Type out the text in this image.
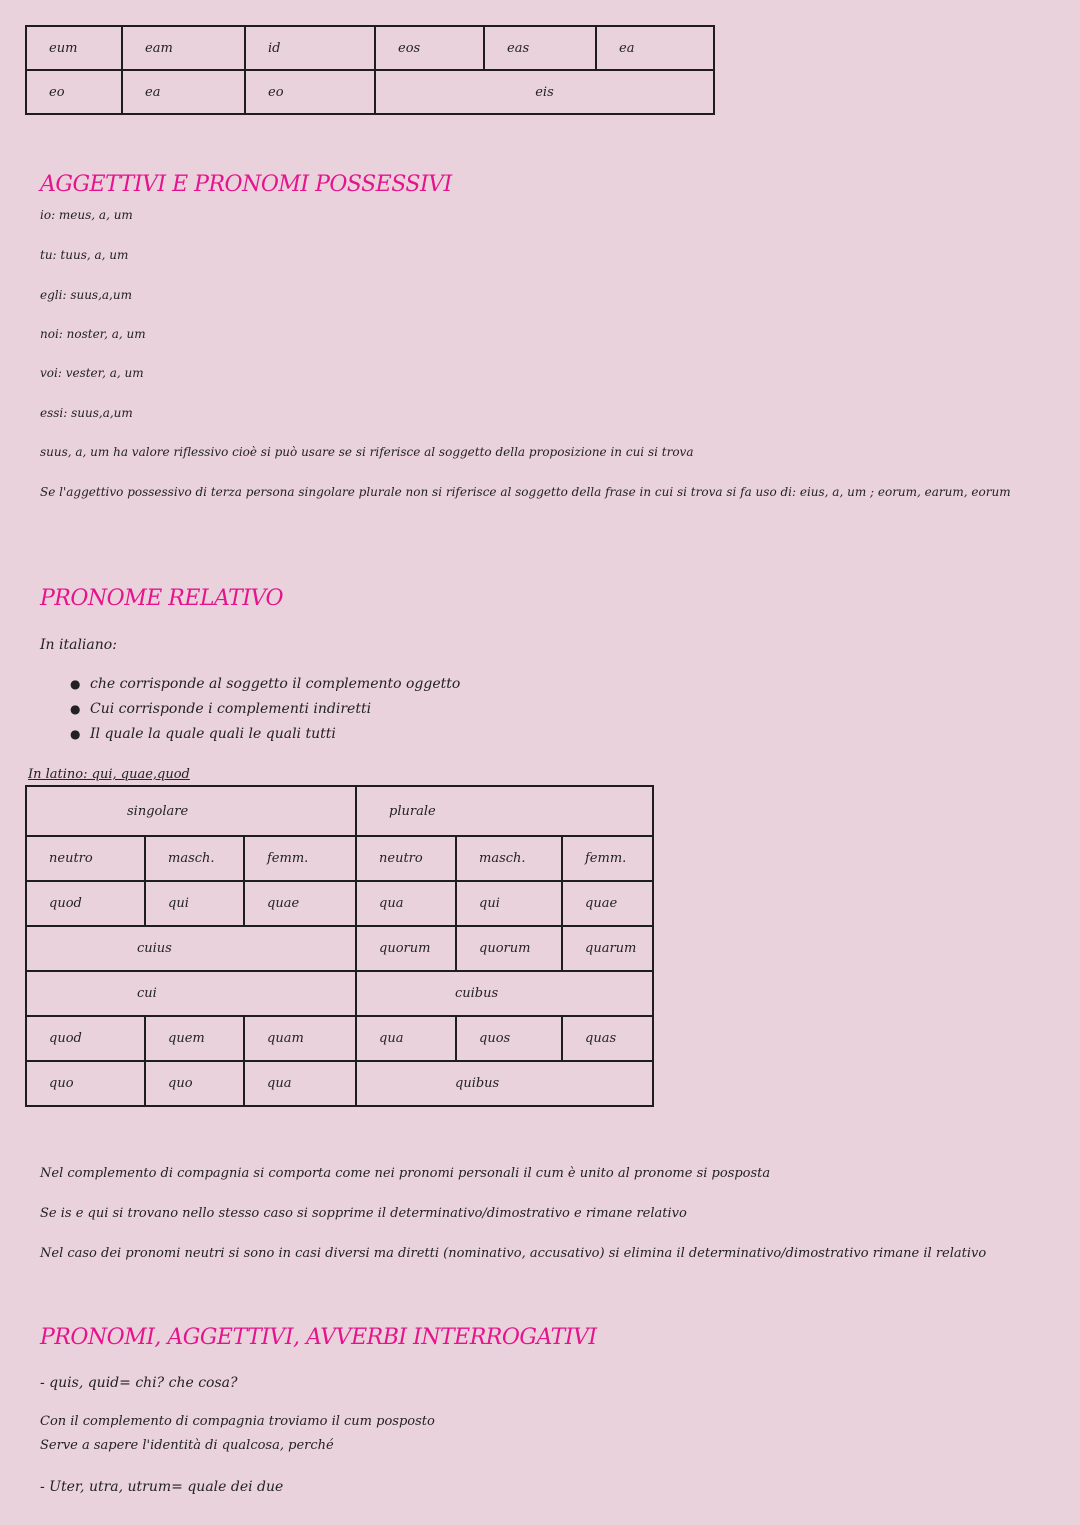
eum	eam	id	eos	eas	ea
eo	ea	eo	eis		
AGGETTIVI E PRONOMI POSSESSIVI

io: meus, a, um

tu: tuus, a, um

egli: suus,a,um

noi: noster, a, um

voi: vester, a, um

essi: suus,a,um

suus, a, um ha valore riflessivo cioè si può usare se si riferisce al soggetto della proposizione in cui si trova

Se l'aggettivo possessivo di terza persona singolare plurale non si riferisce al soggetto della frase in cui si trova si fa uso di: eius, a, um ; eorum, earum, eorum

PRONOME RELATIVO

In italiano:

● che corrisponde al soggetto il complemento oggetto
● Cui corrisponde i complementi indiretti
● Il quale la quale quali le quali tutti

In latino: qui, quae,quod

singolare			plurale		
neutro	masch.	femm.	neutro	masch.	femm.
quod	qui	quae	qua	qui	quae
cuius			quorum	quorum	quarum
cui			cuibus		
quod	quem	quam	qua	quos	quas
quo	quo	qua	quibus		

Nel complemento di compagnia si comporta come nei pronomi personali il cum è unito al pronome si posposta

Se is e qui si trovano nello stesso caso si sopprime il determinativo/dimostrativo e rimane relativo

Nel caso dei pronomi neutri si sono in casi diversi ma diretti (nominativo, accusativo) si elimina il determinativo/dimostrativo rimane il relativo

PRONOMI, AGGETTIVI, AVVERBI INTERROGATIVI

- quis, quid= chi? che cosa?

Con il complemento di compagnia troviamo il cum posposto

Serve a sapere l'identità di qualcosa, perché

- Uter, utra, utrum= quale dei due
